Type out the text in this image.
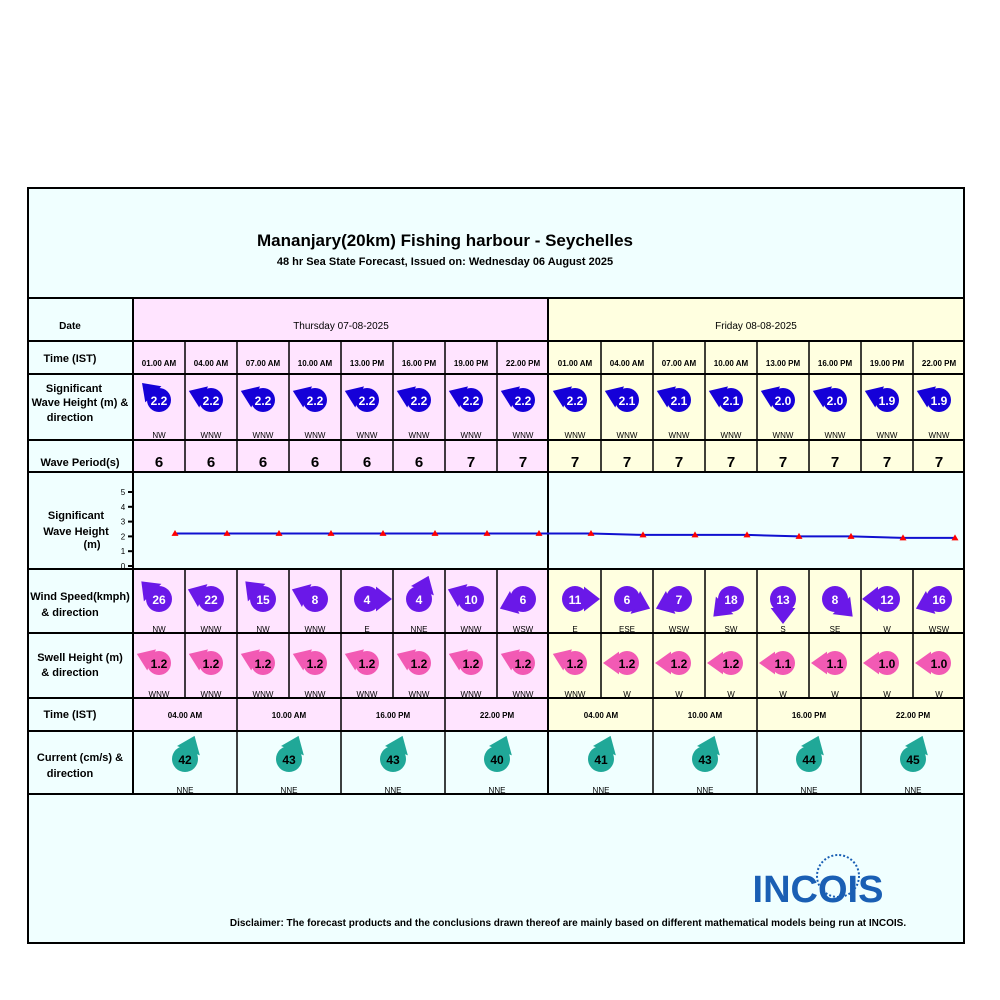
Mananjary(20km) Fishing harbour - Seychelles
48 hr Sea State Forecast, Issued on: Wednesday 06 August 2025
Date
Time (IST)
Significant
Wave Height (m) &
direction
Wave Period(s)
Significant
Wave Height
(m)
Wind Speed(kmph)
& direction
Swell Height (m)
& direction
Time (IST)
Current (cm/s) &
direction
Thursday 07-08-2025	Friday 08-08-2025
01.00 AM
2.2
NW
6
26
NW
1.2
WNW
04.00 AM
2.2
WNW
6
22
WNW
1.2
WNW
07.00 AM
2.2
WNW
6
15
NW
1.2
WNW
10.00 AM
2.2
WNW
6
8
WNW
1.2
WNW
13.00 PM
2.2
WNW
6
4
E
1.2
WNW
16.00 PM
2.2
WNW
6
4
NNE
1.2
WNW
19.00 PM
2.2
WNW
7
10
WNW
1.2
WNW
22.00 PM
2.2
WNW
7
6
WSW
1.2
WNW
01.00 AM
2.2
WNW
7
11
E
1.2
WNW
04.00 AM
2.1
WNW
7
6
ESE
1.2
W
07.00 AM
2.1
WNW
7
7
WSW
1.2
W
10.00 AM
2.1
WNW
7
18
SW
1.2
W
13.00 PM
2.0
WNW
7
13
S
1.1
W
16.00 PM
2.0
WNW
7
8
SE
1.1
W
19.00 PM
1.9
WNW
7
12
W
1.0
W
22.00 PM
1.9
WNW
7
16
WSW
1.0
W
0
1
2
3
4
5
04.00 AM
42
NNE
10.00 AM
43
NNE
16.00 PM
43
NNE
22.00 PM
40
NNE
04.00 AM
41
NNE
10.00 AM
43
NNE
16.00 PM
44
NNE
22.00 PM
45
NNE
INCOIS
Disclaimer: The forecast products and the conclusions drawn thereof are mainly based on different mathematical models being run at INCOIS.
